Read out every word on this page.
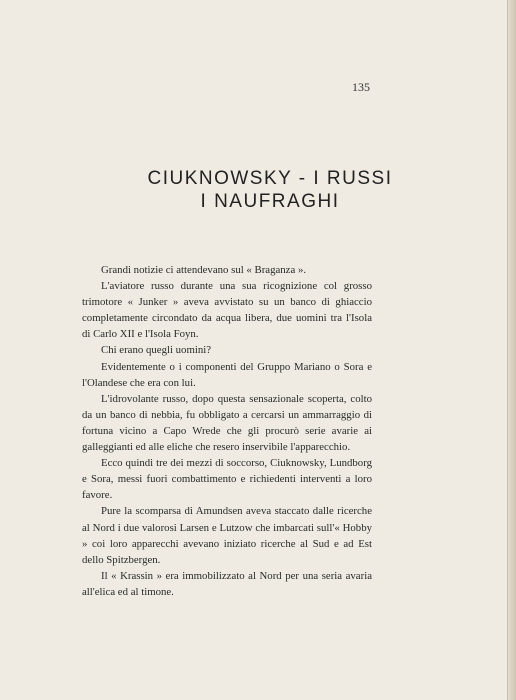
135
CIUKNOWSKY - I RUSSI
I NAUFRAGHI

Grandi notizie ci attendevano sul « Braganza ».

L'aviatore russo durante una sua ricognizione col grosso trimotore « Junker » aveva avvistato su un banco di ghiaccio completamente circondato da acqua libera, due uomini tra l'Isola di Carlo XII e l'Isola Foyn.

Chi erano quegli uomini?

Evidentemente o i componenti del Gruppo Mariano o Sora e l'Olandese che era con lui.

L'idrovolante russo, dopo questa sensazionale scoperta, colto da un banco di nebbia, fu obbligato a cercarsi un ammarraggio di fortuna vicino a Capo Wrede che gli procurò serie avarie ai galleggianti ed alle eliche che resero inservibile l'apparecchio.

Ecco quindi tre dei mezzi di soccorso, Ciuknowsky, Lundborg e Sora, messi fuori combattimento e richiedenti interventi a loro favore.

Pure la scomparsa di Amundsen aveva staccato dalle ricerche al Nord i due valorosi Larsen e Lutzow che imbarcati sull'« Hobby » coi loro apparecchi avevano iniziato ricerche al Sud e ad Est dello Spitzbergen.

Il « Krassin » era immobilizzato al Nord per una seria avaria all'elica ed al timone.
